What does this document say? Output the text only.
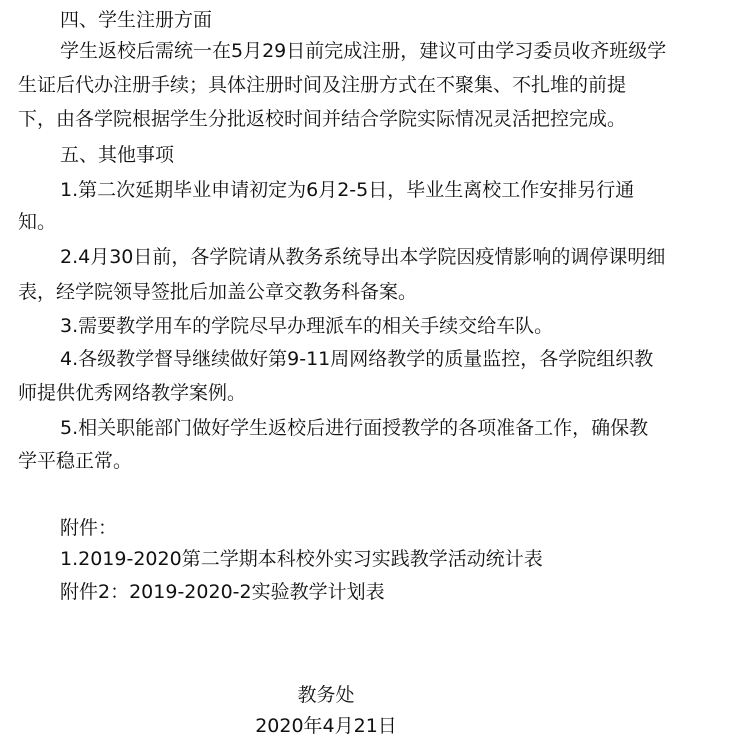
四、学生注册方面
学生返校后需统一在5月29日前完成注册，建议可由学习委员收齐班级学
生证后代办注册手续；具体注册时间及注册方式在不聚集、不扎堆的前提
下，由各学院根据学生分批返校时间并结合学院实际情况灵活把控完成。
五、其他事项
1.第二次延期毕业申请初定为6月2-5日，毕业生离校工作安排另行通
知。
2.4月30日前，各学院请从教务系统导出本学院因疫情影响的调停课明细
表，经学院领导签批后加盖公章交教务科备案。
3.需要教学用车的学院尽早办理派车的相关手续交给车队。
4.各级教学督导继续做好第9-11周网络教学的质量监控，各学院组织教
师提供优秀网络教学案例。
5.相关职能部门做好学生返校后进行面授教学的各项准备工作，确保教
学平稳正常。
附件：
1.2019-2020第二学期本科校外实习实践教学活动统计表
附件2：2019-2020-2实验教学计划表
教务处
2020年4月21日
